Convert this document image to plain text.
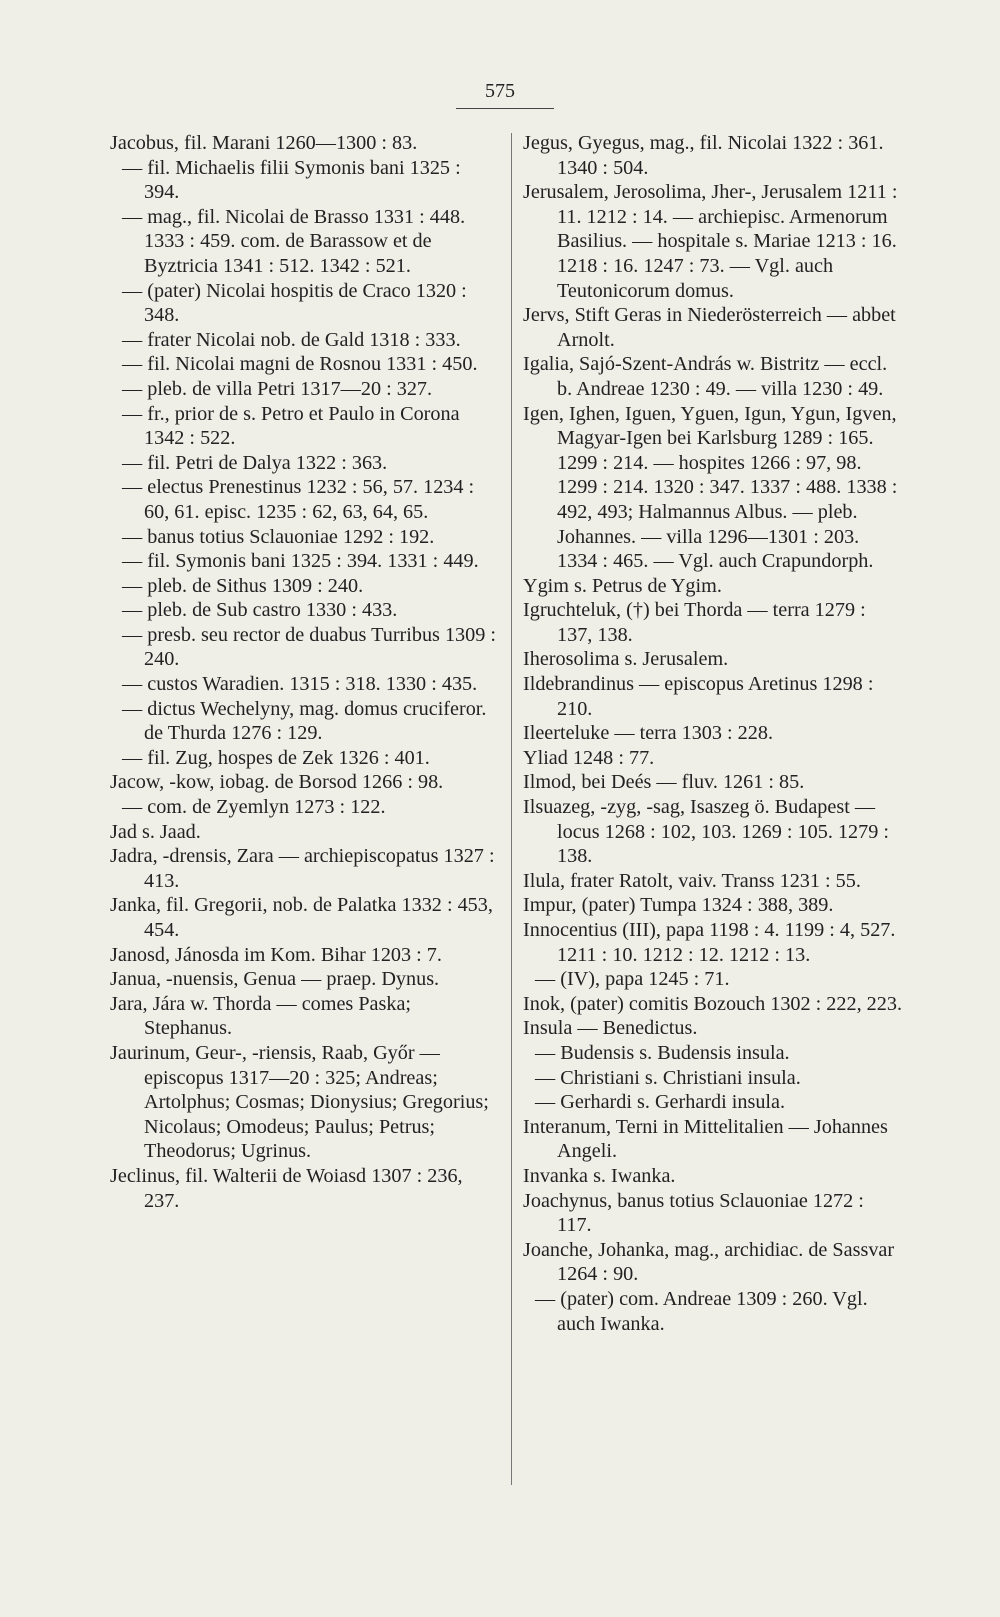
575

Jacobus, fil. Marani 1260—1300 : 83.

— fil. Michaelis filii Symonis bani 1325 : 394.

— mag., fil. Nicolai de Brasso 1331 : 448. 1333 : 459. com. de Barassow et de Byztricia 1341 : 512. 1342 : 521.

— (pater) Nicolai hospitis de Craco 1320 : 348.

— frater Nicolai nob. de Gald 1318 : 333.

— fil. Nicolai magni de Rosnou 1331 : 450.

— pleb. de villa Petri 1317—20 : 327.

— fr., prior de s. Petro et Paulo in Corona 1342 : 522.

— fil. Petri de Dalya 1322 : 363.

— electus Prenestinus 1232 : 56, 57. 1234 : 60, 61. episc. 1235 : 62, 63, 64, 65.

— banus totius Sclauoniae 1292 : 192.

— fil. Symonis bani 1325 : 394. 1331 : 449.

— pleb. de Sithus 1309 : 240.

— pleb. de Sub castro 1330 : 433.

— presb. seu rector de duabus Turribus 1309 : 240.

— custos Waradien. 1315 : 318. 1330 : 435.

— dictus Wechelyny, mag. domus cruciferor. de Thurda 1276 : 129.

— fil. Zug, hospes de Zek 1326 : 401.

Jacow, -kow, iobag. de Borsod 1266 : 98.

— com. de Zyemlyn 1273 : 122.

Jad s. Jaad.

Jadra, -drensis, Zara — archiepiscopatus 1327 : 413.

Janka, fil. Gregorii, nob. de Palatka 1332 : 453, 454.

Janosd, Jánosda im Kom. Bihar 1203 : 7.

Janua, -nuensis, Genua — praep. Dynus.

Jara, Jára w. Thorda — comes Paska; Stephanus.

Jaurinum, Geur-, -riensis, Raab, Győr — episcopus 1317—20 : 325; Andreas; Artolphus; Cosmas; Dionysius; Gregorius; Nicolaus; Omodeus; Paulus; Petrus; Theodorus; Ugrinus.

Jeclinus, fil. Walterii de Woiasd 1307 : 236, 237.

Jegus, Gyegus, mag., fil. Nicolai 1322 : 361. 1340 : 504.

Jerusalem, Jerosolima, Jher-, Jerusalem 1211 : 11. 1212 : 14. — archiepisc. Armenorum Basilius. — hospitale s. Mariae 1213 : 16. 1218 : 16. 1247 : 73. — Vgl. auch Teutonicorum domus.

Jervs, Stift Geras in Niederösterreich — abbet Arnolt.

Igalia, Sajó-Szent-András w. Bistritz — eccl. b. Andreae 1230 : 49. — villa 1230 : 49.

Igen, Ighen, Iguen, Yguen, Igun, Ygun, Igven, Magyar-Igen bei Karlsburg 1289 : 165. 1299 : 214. — hospites 1266 : 97, 98. 1299 : 214. 1320 : 347. 1337 : 488. 1338 : 492, 493; Halmannus Albus. — pleb. Johannes. — villa 1296—1301 : 203. 1334 : 465. — Vgl. auch Crapundorph.

Ygim s. Petrus de Ygim.

Igruchteluk, (†) bei Thorda — terra 1279 : 137, 138.

Iherosolima s. Jerusalem.

Ildebrandinus — episcopus Aretinus 1298 : 210.

Ileerteluke — terra 1303 : 228.

Yliad 1248 : 77.

Ilmod, bei Deés — fluv. 1261 : 85.

Ilsuazeg, -zyg, -sag, Isaszeg ö. Budapest — locus 1268 : 102, 103. 1269 : 105. 1279 : 138.

Ilula, frater Ratolt, vaiv. Transs 1231 : 55.

Impur, (pater) Tumpa 1324 : 388, 389.

Innocentius (III), papa 1198 : 4. 1199 : 4, 527. 1211 : 10. 1212 : 12. 1212 : 13.

— (IV), papa 1245 : 71.

Inok, (pater) comitis Bozouch 1302 : 222, 223.

Insula — Benedictus.

— Budensis s. Budensis insula.

— Christiani s. Christiani insula.

— Gerhardi s. Gerhardi insula.

Interanum, Terni in Mittelitalien — Johannes Angeli.

Invanka s. Iwanka.

Joachynus, banus totius Sclauoniae 1272 : 117.

Joanche, Johanka, mag., archidiac. de Sassvar 1264 : 90.

— (pater) com. Andreae 1309 : 260. Vgl. auch Iwanka.
